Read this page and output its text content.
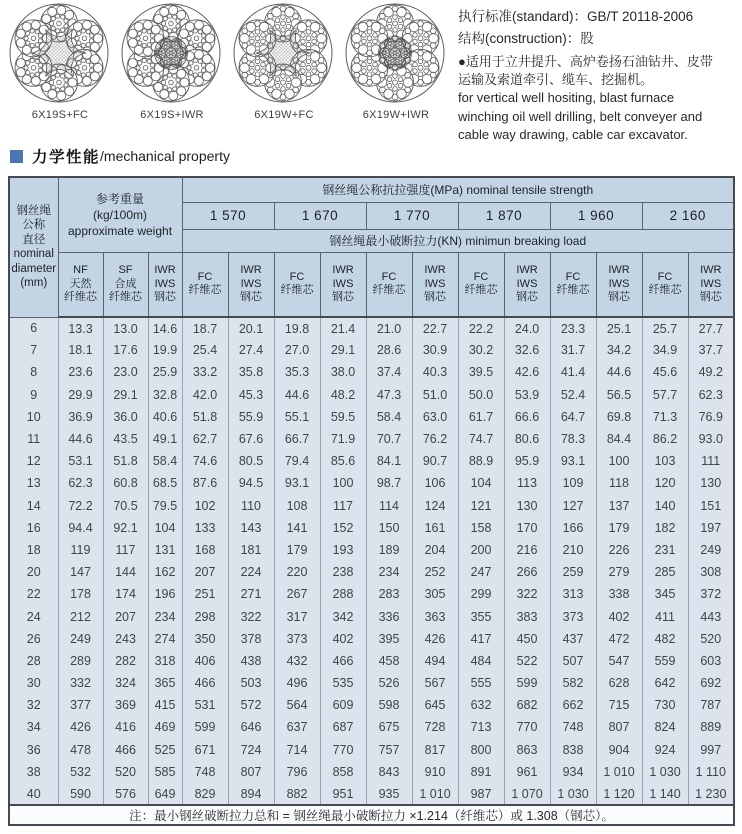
6X19S+FC	6X19S+IWR	6X19W+FC	6X19W+IWR
执行标准(standard)：GB/T 20118-2006
结构(construction)：股
●适用于立井提升、高炉卷扬石油钻井、皮带
运输及索道牵引、缆车、挖掘机。
for vertical well hositing, blast furnace
winching oil well drilling, belt conveyer and
cable way drawing, cable car excavator.
力学性能 /mechanical property
钢丝绳
公称
直径
nominal
diameter
(mm)	参考重量
(kg/100m)
approximate weight	钢丝绳公称抗拉强度(MPa) nominal tensile strength
				1 570		1 670		1 770		1 870		1 960		2 160	
				钢丝绳最小破断拉力(KN) minimun breaking load											
	NF
天然
纤维芯	SF
合成
纤维芯	IWR
IWS
钢芯	FC
纤维芯	IWR
IWS
钢芯	FC
纤维芯	IWR
IWS
钢芯	FC
纤维芯	IWR
IWS
钢芯	FC
纤维芯	IWR
IWS
钢芯	FC
纤维芯	IWR
IWS
钢芯	FC
纤维芯	IWR
IWS
钢芯
6	13.3	13.0	14.6	18.7	20.1	19.8	21.4	21.0	22.7	22.2	24.0	23.3	25.1	25.7	27.7
7	18.1	17.6	19.9	25.4	27.4	27.0	29.1	28.6	30.9	30.2	32.6	31.7	34.2	34.9	37.7
8	23.6	23.0	25.9	33.2	35.8	35.3	38.0	37.4	40.3	39.5	42.6	41.4	44.6	45.6	49.2
9	29.9	29.1	32.8	42.0	45.3	44.6	48.2	47.3	51.0	50.0	53.9	52.4	56.5	57.7	62.3
10	36.9	36.0	40.6	51.8	55.9	55.1	59.5	58.4	63.0	61.7	66.6	64.7	69.8	71.3	76.9
11	44.6	43.5	49.1	62.7	67.6	66.7	71.9	70.7	76.2	74.7	80.6	78.3	84.4	86.2	93.0
12	53.1	51.8	58.4	74.6	80.5	79.4	85.6	84.1	90.7	88.9	95.9	93.1	100	103	111
13	62.3	60.8	68.5	87.6	94.5	93.1	100	98.7	106	104	113	109	118	120	130
14	72.2	70.5	79.5	102	110	108	117	114	124	121	130	127	137	140	151
16	94.4	92.1	104	133	143	141	152	150	161	158	170	166	179	182	197
18	119	117	131	168	181	179	193	189	204	200	216	210	226	231	249
20	147	144	162	207	224	220	238	234	252	247	266	259	279	285	308
22	178	174	196	251	271	267	288	283	305	299	322	313	338	345	372
24	212	207	234	298	322	317	342	336	363	355	383	373	402	411	443
26	249	243	274	350	378	373	402	395	426	417	450	437	472	482	520
28	289	282	318	406	438	432	466	458	494	484	522	507	547	559	603
30	332	324	365	466	503	496	535	526	567	555	599	582	628	642	692
32	377	369	415	531	572	564	609	598	645	632	682	662	715	730	787
34	426	416	469	599	646	637	687	675	728	713	770	748	807	824	889
36	478	466	525	671	724	714	770	757	817	800	863	838	904	924	997
38	532	520	585	748	807	796	858	843	910	891	961	934	1 010	1 030	1 110
40	590	576	649	829	894	882	951	935	1 010	987	1 070	1 030	1 120	1 140	1 230
注：最小钢丝破断拉力总和 = 钢丝绳最小破断拉力 ×1.214（纤维芯）或 1.308（钢芯）。															
